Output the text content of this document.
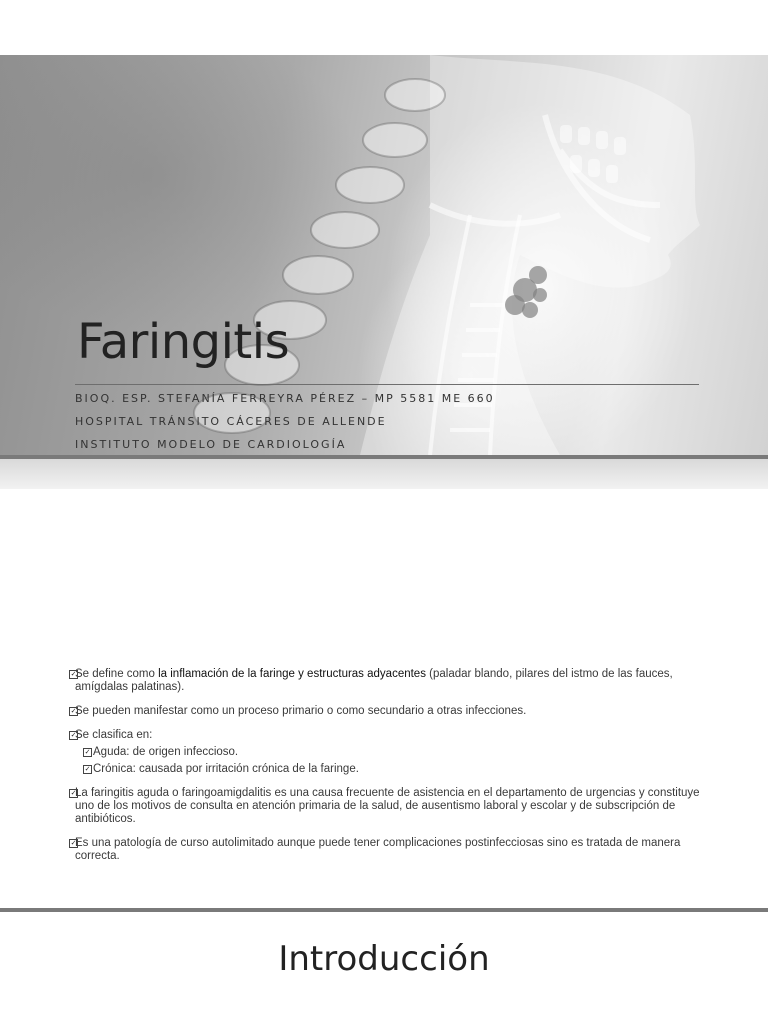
Faringitis
BIOQ. ESP. STEFANÍA FERREYRA PÉREZ – MP 5581 ME 660
HOSPITAL TRÁNSITO CÁCERES DE ALLENDE
INSTITUTO MODELO DE CARDIOLOGÍA
✓
Se define como la inflamación de la faringe y estructuras adyacentes (paladar blando, pilares del istmo de las fauces, amígdalas palatinas).
✓
Se pueden manifestar como un proceso primario o como secundario a otras infecciones.
✓
Se clasifica en:
✓ Aguda: de origen infeccioso.
✓ Crónica: causada por irritación crónica de la faringe.
✓
La faringitis aguda o faringoamigdalitis es una causa frecuente de asistencia en el departamento de urgencias y constituye uno de los motivos de consulta en atención primaria de la salud, de ausentismo laboral y escolar y de subscripción de antibióticos.
✓
Es una patología de curso autolimitado aunque puede tener complicaciones postinfecciosas sino es tratada de manera correcta.
Introducción
